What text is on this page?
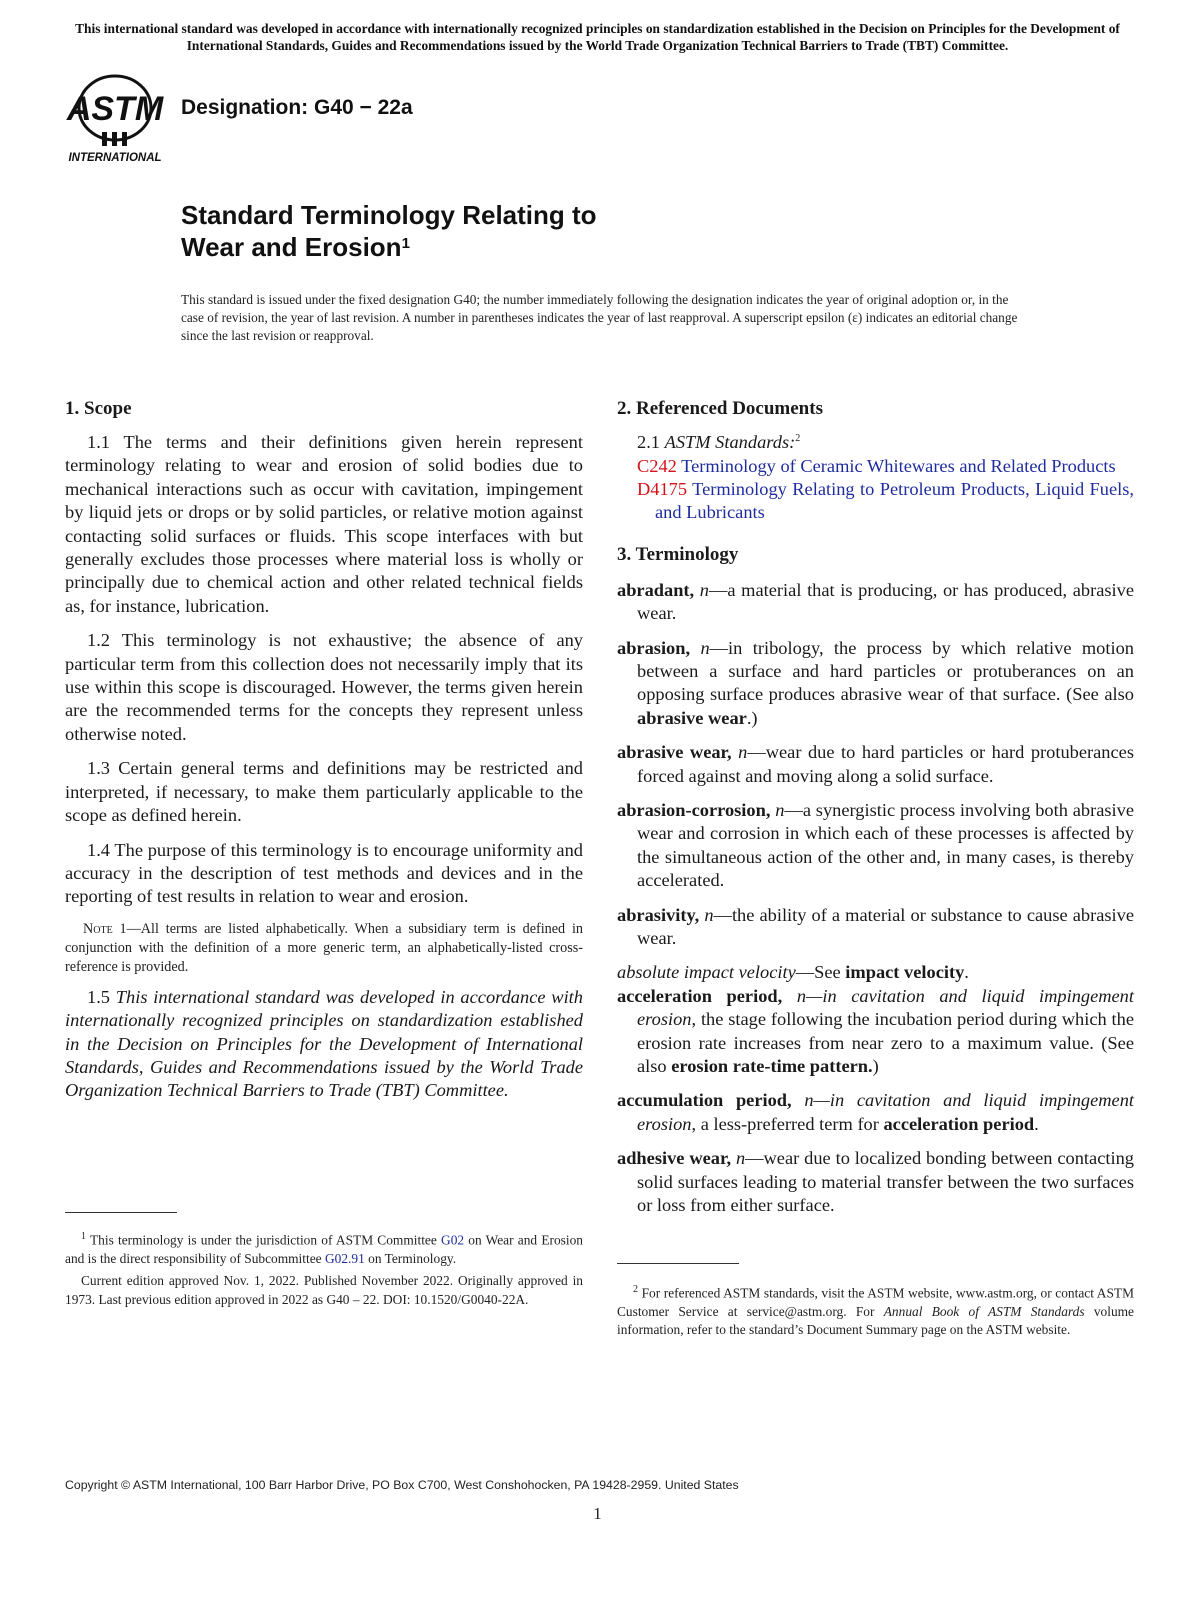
This international standard was developed in accordance with internationally recognized principles on standardization established in the Decision on Principles for the Development of International Standards, Guides and Recommendations issued by the World Trade Organization Technical Barriers to Trade (TBT) Committee.
ASTM
INTERNATIONAL
Designation: G40 − 22a
Standard Terminology Relating to
Wear and Erosion$^1$
This standard is issued under the fixed designation G40; the number immediately following the designation indicates the year of original adoption or, in the case of revision, the year of last revision. A number in parentheses indicates the year of last reapproval. A superscript epsilon (ε) indicates an editorial change since the last revision or reapproval.
1. Scope

1.1 The terms and their definitions given herein represent terminology relating to wear and erosion of solid bodies due to mechanical interactions such as occur with cavitation, impingement by liquid jets or drops or by solid particles, or relative motion against contacting solid surfaces or fluids. This scope interfaces with but generally excludes those processes where material loss is wholly or principally due to chemical action and other related technical fields as, for instance, lubrication.

1.2 This terminology is not exhaustive; the absence of any particular term from this collection does not necessarily imply that its use within this scope is discouraged. However, the terms given herein are the recommended terms for the concepts they represent unless otherwise noted.

1.3 Certain general terms and definitions may be restricted and interpreted, if necessary, to make them particularly applicable to the scope as defined herein.

1.4 The purpose of this terminology is to encourage uniformity and accuracy in the description of test methods and devices and in the reporting of test results in relation to wear and erosion.

Note 1—All terms are listed alphabetically. When a subsidiary term is defined in conjunction with the definition of a more generic term, an alphabetically-listed cross-reference is provided.

1.5 This international standard was developed in accordance with internationally recognized principles on standardization established in the Decision on Principles for the Development of International Standards, Guides and Recommendations issued by the World Trade Organization Technical Barriers to Trade (TBT) Committee.

2. Referenced Documents
2.1 ASTM Standards:$^2$
C242 Terminology of Ceramic Whitewares and Related Products
D4175 Terminology Relating to Petroleum Products, Liquid Fuels, and Lubricants
3. Terminology

abradant, n—a material that is producing, or has produced, abrasive wear.

abrasion, n—in tribology, the process by which relative motion between a surface and hard particles or protuberances on an opposing surface produces abrasive wear of that surface. (See also abrasive wear.)

abrasive wear, n—wear due to hard particles or hard protuberances forced against and moving along a solid surface.

abrasion-corrosion, n—a synergistic process involving both abrasive wear and corrosion in which each of these processes is affected by the simultaneous action of the other and, in many cases, is thereby accelerated.

abrasivity, n—the ability of a material or substance to cause abrasive wear.

absolute impact velocity—See impact velocity.

acceleration period, n—in cavitation and liquid impingement erosion, the stage following the incubation period during which the erosion rate increases from near zero to a maximum value. (See also erosion rate-time pattern.)

accumulation period, n—in cavitation and liquid impingement erosion, a less-preferred term for acceleration period.

adhesive wear, n—wear due to localized bonding between contacting solid surfaces leading to material transfer between the two surfaces or loss from either surface.

$^1$ This terminology is under the jurisdiction of ASTM Committee G02 on Wear and Erosion and is the direct responsibility of Subcommittee G02.91 on Terminology.

Current edition approved Nov. 1, 2022. Published November 2022. Originally approved in 1973. Last previous edition approved in 2022 as G40 – 22. DOI: 10.1520/G0040-22A.

$^2$ For referenced ASTM standards, visit the ASTM website, www.astm.org, or contact ASTM Customer Service at service@astm.org. For Annual Book of ASTM Standards volume information, refer to the standard’s Document Summary page on the ASTM website.

Copyright © ASTM International, 100 Barr Harbor Drive, PO Box C700, West Conshohocken, PA 19428-2959. United States
1
